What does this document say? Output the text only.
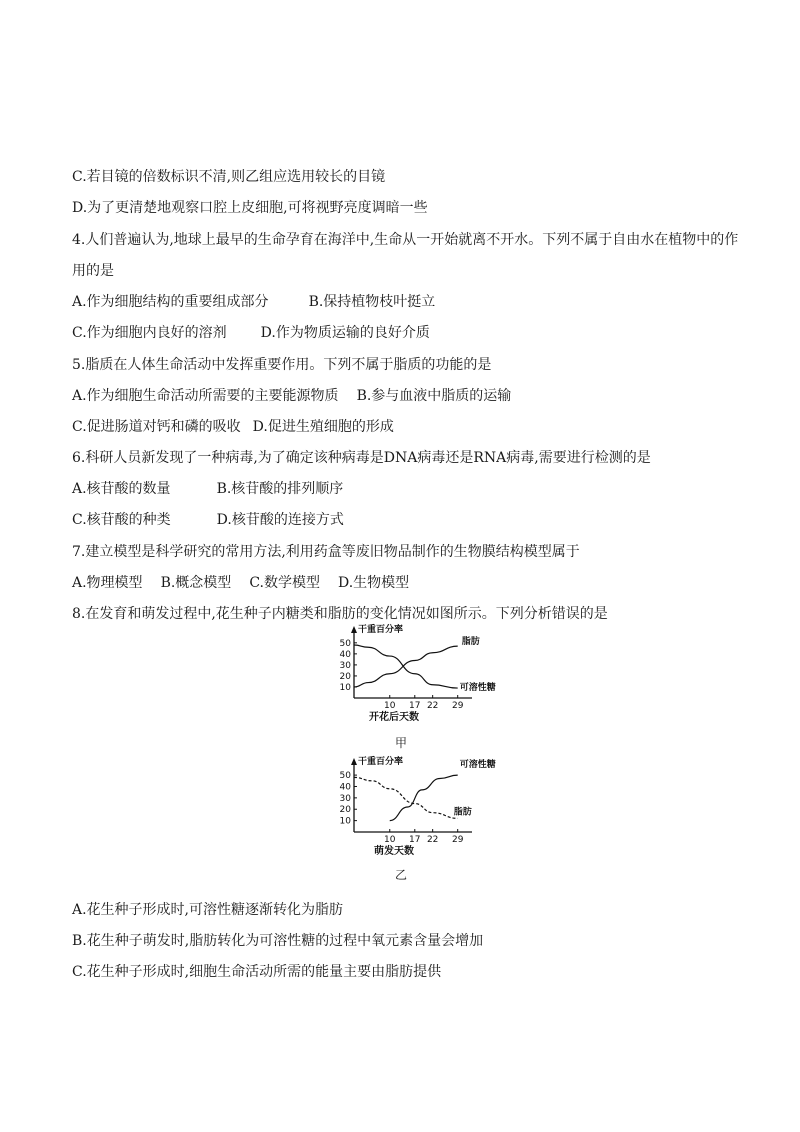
C.若目镜的倍数标识不清,则乙组应选用较长的目镜
D.为了更清楚地观察口腔上皮细胞,可将视野亮度调暗一些
4.人们普遍认为,地球上最早的生命孕育在海洋中,生命从一开始就离不开水。下列不属于自由水在植物中的作
用的是
A.作为细胞结构的重要组成部分	B.保持植物枝叶挺立
C.作为细胞内良好的溶剂 D.作为物质运输的良好介质
5.脂质在人体生命活动中发挥重要作用。下列不属于脂质的功能的是
A.作为细胞生命活动所需要的主要能源物质 B.参与血液中脂质的运输
C.促进肠道对钙和磷的吸收 D.促进生殖细胞的形成
6.科研人员新发现了一种病毒,为了确定该种病毒是DNA病毒还是RNA病毒,需要进行检测的是
A.核苷酸的数量	B.核苷酸的排列顺序
C.核苷酸的种类	D.核苷酸的连接方式
7.建立模型是科学研究的常用方法,利用药盒等废旧物品制作的生物膜结构模型属于
A.物理模型 B.概念模型 C.数学模型 D.生物模型
8.在发育和萌发过程中,花生种子内糖类和脂肪的变化情况如图所示。下列分析错误的是
干重百分率
10
20
30
40
50
10 17 22 29
开花后天数
脂肪
可溶性糖
甲
干重百分率
10
20
30
40
50
10 17 22 29
萌发天数
可溶性糖
脂肪
乙
A.花生种子形成时,可溶性糖逐渐转化为脂肪
B.花生种子萌发时,脂肪转化为可溶性糖的过程中氧元素含量会增加
C.花生种子形成时,细胞生命活动所需的能量主要由脂肪提供
